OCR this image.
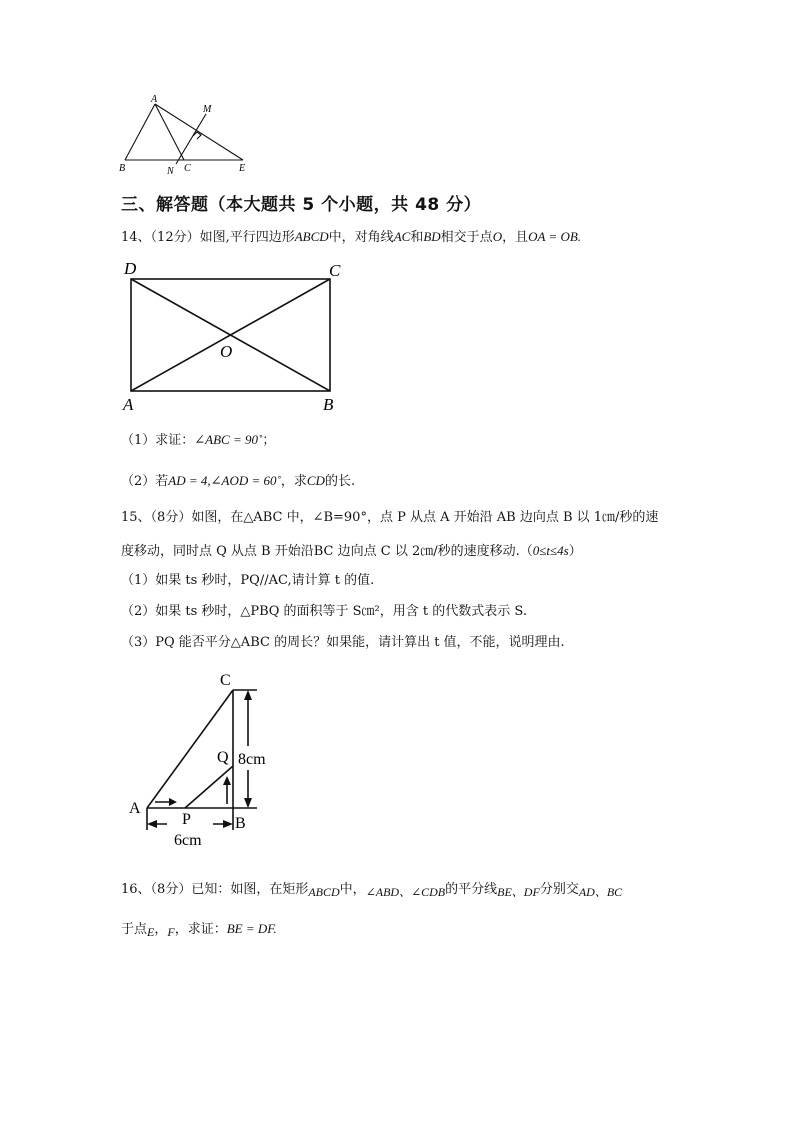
A
M
B	N C	E
三、解答题（本大题共 5 个小题，共 48 分）
14、（12分）如图,平行四边形ABCD中，对角线AC和BD相交于点O，且OA = OB.
D	C
O
A	B
（1）求证：∠ABC = 90˚；
（2）若AD = 4,∠AOD = 60˚，求CD的长.
15、（8分）如图，在△ABC 中，∠B=90°，点 P 从点 A 开始沿 AB 边向点 B 以 1㎝/秒的速
度移动，同时点 Q 从点 B 开始沿BC 边向点 C 以 2㎝/秒的速度移动.（0≤t≤4s）
（1）如果 ts 秒时，PQ//AC,请计算 t 的值.
（2）如果 ts 秒时，△PBQ 的面积等于 S㎝²，用含 t 的代数式表示 S.
（3）PQ 能否平分△ABC 的周长？如果能，请计算出 t 值，不能，说明理由.
C
Q 8cm
A
P	B
6cm
16、（8分）已知：如图，在矩形ABCD中，∠ABD、∠CDB的平分线BE、DF分别交AD、BC
于点E，F，求证：BE = DF.
